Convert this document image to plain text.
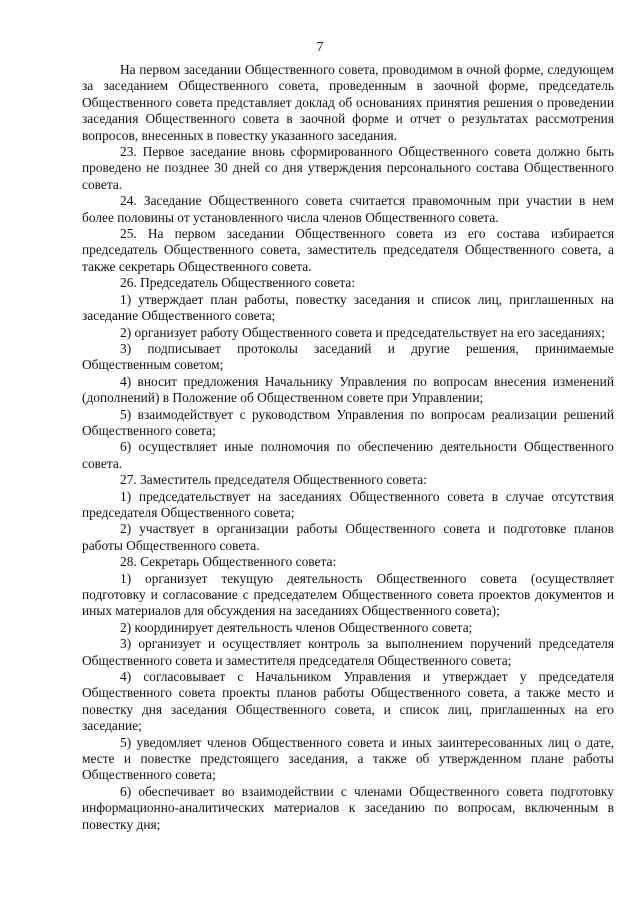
7

На первом заседании Общественного совета, проводимом в очной форме, следующем за заседанием Общественного совета, проведенным в заочной форме, председатель Общественного совета представляет доклад об основаниях принятия решения о проведении заседания Общественного совета в заочной форме и отчет о результатах рассмотрения вопросов, внесенных в повестку указанного заседания.

23. Первое заседание вновь сформированного Общественного совета должно быть проведено не позднее 30 дней со дня утверждения персонального состава Общественного совета.

24. Заседание Общественного совета считается правомочным при участии в нем более половины от установленного числа членов Общественного совета.

25. На первом заседании Общественного совета из его состава избирается председатель Общественного совета, заместитель председателя Общественного совета, а также секретарь Общественного совета.

26. Председатель Общественного совета:

1) утверждает план работы, повестку заседания и список лиц, приглашенных на заседание Общественного совета;

2) организует работу Общественного совета и председательствует на его заседаниях;

3) подписывает протоколы заседаний и другие решения, принимаемые Общественным советом;

4) вносит предложения Начальнику Управления по вопросам внесения изменений (дополнений) в Положение об Общественном совете при Управлении;

5) взаимодействует с руководством Управления по вопросам реализации решений Общественного совета;

6) осуществляет иные полномочия по обеспечению деятельности Общественного совета.

27. Заместитель председателя Общественного совета:

1) председательствует на заседаниях Общественного совета в случае отсутствия председателя Общественного совета;

2) участвует в организации работы Общественного совета и подготовке планов работы Общественного совета.

28. Секретарь Общественного совета:

1) организует текущую деятельность Общественного совета (осуществляет подготовку и согласование с председателем Общественного совета проектов документов и иных материалов для обсуждения на заседаниях Общественного совета);

2) координирует деятельность членов Общественного совета;

3) организует и осуществляет контроль за выполнением поручений председателя Общественного совета и заместителя председателя Общественного совета;

4) согласовывает с Начальником Управления и утверждает у председателя Общественного совета проекты планов работы Общественного совета, а также место и повестку дня заседания Общественного совета, и список лиц, приглашенных на его заседание;

5) уведомляет членов Общественного совета и иных заинтересованных лиц о дате, месте и повестке предстоящего заседания, а также об утвержденном плане работы Общественного совета;

6) обеспечивает во взаимодействии с членами Общественного совета подготовку информационно-аналитических материалов к заседанию по вопросам, включенным в повестку дня;
